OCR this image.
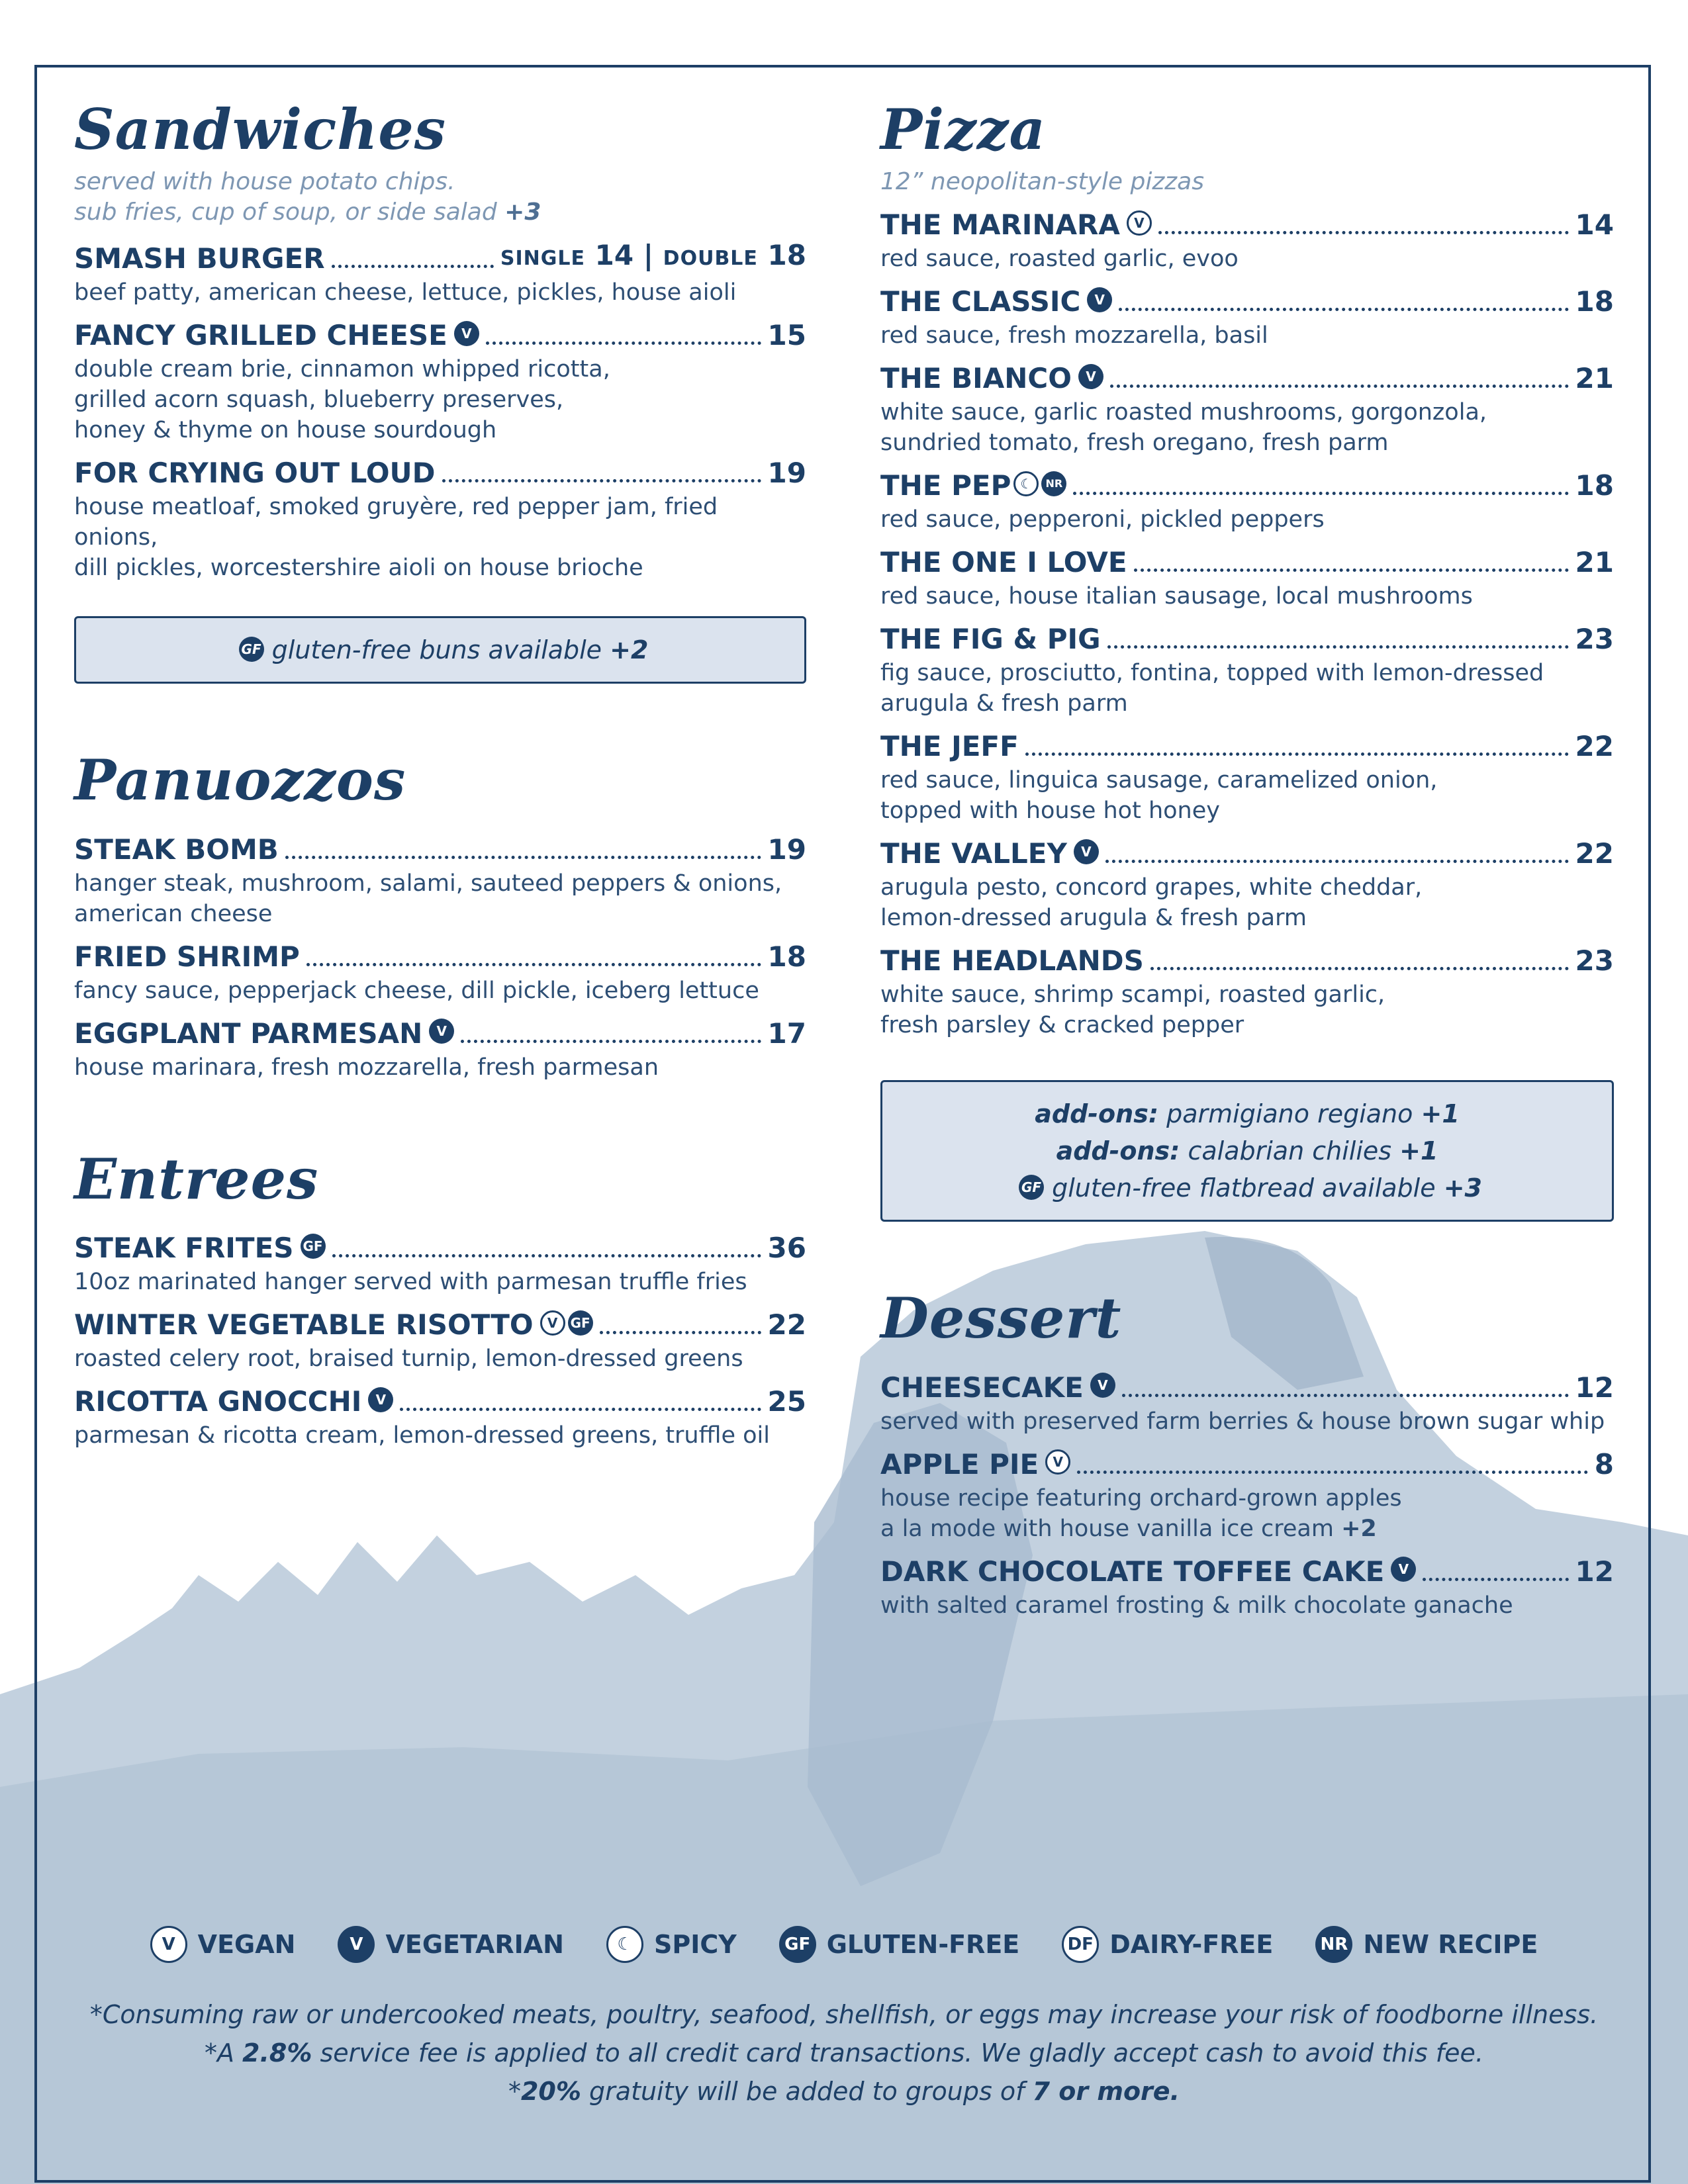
Sandwiches
served with house potato chips.
sub fries, cup of soup, or side salad +3
SMASH BURGER	SINGLE 14 | DOUBLE 18
beef patty, american cheese, lettuce, pickles, house aioli
FANCY GRILLED CHEESE V	15
double cream brie, cinnamon whipped ricotta,
grilled acorn squash, blueberry preserves,
honey & thyme on house sourdough
FOR CRYING OUT LOUD	19
house meatloaf, smoked gruyère, red pepper jam, fried onions,
dill pickles, worcestershire aioli on house brioche
GF gluten-free buns available +2
Panuozzos
STEAK BOMB	19
hanger steak, mushroom, salami, sauteed peppers & onions,
american cheese
FRIED SHRIMP	18
fancy sauce, pepperjack cheese, dill pickle, iceberg lettuce
EGGPLANT PARMESAN V	17
house marinara, fresh mozzarella, fresh parmesan
Entrees
STEAK FRITES GF	36
10oz marinated hanger served with parmesan truffle fries
WINTER VEGETABLE RISOTTO V GF	22
roasted celery root, braised turnip, lemon-dressed greens
RICOTTA GNOCCHI V	25
parmesan & ricotta cream, lemon-dressed greens, truffle oil
Pizza
12” neopolitan-style pizzas
THE MARINARA V	14
red sauce, roasted garlic, evoo
THE CLASSIC V	18
red sauce, fresh mozzarella, basil
THE BIANCO V	21
white sauce, garlic roasted mushrooms, gorgonzola,
sundried tomato, fresh oregano, fresh parm
THE PEP ☾ NR	18
red sauce, pepperoni, pickled peppers
THE ONE I LOVE	21
red sauce, house italian sausage, local mushrooms
THE FIG & PIG	23
fig sauce, prosciutto, fontina, topped with lemon-dressed
arugula & fresh parm
THE JEFF	22
red sauce, linguica sausage, caramelized onion,
topped with house hot honey
THE VALLEY V	22
arugula pesto, concord grapes, white cheddar,
lemon-dressed arugula & fresh parm
THE HEADLANDS	23
white sauce, shrimp scampi, roasted garlic,
fresh parsley & cracked pepper
add-ons: parmigiano regiano +1
add-ons: calabrian chilies +1
GF gluten-free flatbread available +3
Dessert
CHEESECAKE V	12
served with preserved farm berries & house brown sugar whip
APPLE PIE V	8
house recipe featuring orchard-grown apples
a la mode with house vanilla ice cream +2
DARK CHOCOLATE TOFFEE CAKE V	12
with salted caramel frosting & milk chocolate ganache
V VEGAN	V VEGETARIAN	☾ SPICY	GF GLUTEN-FREE	DF DAIRY-FREE	NR NEW RECIPE
*Consuming raw or undercooked meats, poultry, seafood, shellfish, or eggs may increase your risk of foodborne illness.
*A 2.8% service fee is applied to all credit card transactions. We gladly accept cash to avoid this fee.
*20% gratuity will be added to groups of 7 or more.
